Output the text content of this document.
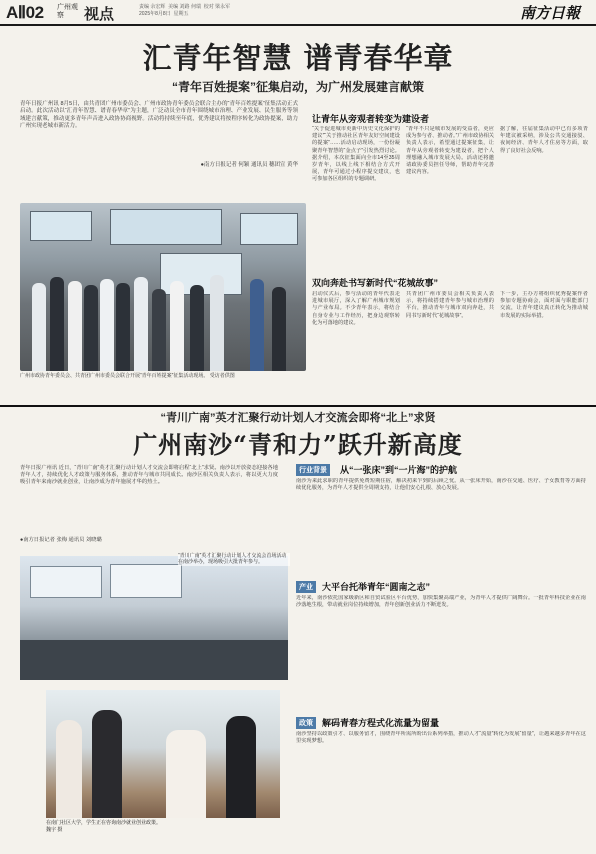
AⅡ02 广州观察	视点	责编 余宏辉  美编 刘路 何瑞  校对 梁永军
2025年8月8日  星期五	南方日報
汇青年智慧 谱青春华章
“青年百姓提案”征集启动，为广州发展建言献策
青年日报广州讯 8月5日，由共青团广州市委员会、广州市政协青年委员会联合主办的“青年百姓提案”征集活动正式启动。此次活动以“汇青年智慧、谱青春华章”为主题，广泛动员全市青年围绕城市治理、产业发展、民生服务等领域建言献策，推动更多青年声音进入政协协商视野。活动将持续至年底，优秀建议将按程序转化为政协提案，助力广州实现老城市新活力。
●南方日报记者 何颖 通讯员 穗团宣 黄华
广州市政协青年委员会、共青团广州市委员会联合开展“青年百姓提案”征集活动现场。 受访者供图
让青年从旁观者转变为建设者
“关于促进城市更新中历史文化保护的建议”“关于推动社区青年友好空间建设的提案”……活动启动现场，一份份凝聚青年智慧的“金点子”引发热烈讨论。据介绍，本次征集面向全市14至35周岁青年，以线上线下相结合方式开展，青年可通过小程序提交建议，也可参加各区组织的专题调研。
“青年不只是城市发展的受益者，更应成为参与者、推动者。”广州市政协相关负责人表示，希望通过提案征集，让青年从旁观者转变为建设者，把个人理想融入城市发展大局。活动还将邀请政协委员担任导师，帮助青年完善建议内容。
据了解，往届征集活动中已有多项青年建议被采纳，涉及公共交通接驳、夜间经济、青年人才住房等方面，取得了良好社会反响。
双向奔赴书写新时代“花城故事”
启动仪式后，参与活动的青年代表走进城市展厅，深入了解广州城市规划与产业布局。不少青年表示，将结合自身专业与工作经历，把身边观察转化为可落地的建议。
共青团广州市委员会相关负责人表示，将持续搭建青年参与城市治理的平台，推动青年与城市双向奔赴，共同书写新时代“花城故事”。
下一步，主办方将组织优秀提案作者参加专题协商会，面对面与职能部门交流，让青年建议真正转化为推动城市发展的实际举措。
“青川广南”英才汇聚行动计划人才交流会即将“北上”求贤
广州南沙“青和力”跃升新高度
青年日报广州讯 近日，“青川广南”英才汇聚行动计划人才交流会即将启程“北上”求贤。南沙以开放姿态迎接各地青年人才，持续优化人才政策与服务体系，推动青年与城市共同成长。南沙区相关负责人表示，将以更大力度吸引青年来南沙就业创业，让南沙成为青年施展才华的热土。
●南方日报记者 张梅 通讯员 刘晓璐
“青川广南”英才汇聚行动计划人才交流会首场活动在南沙举办，现场吸引大批青年参与。
在南门社区大学，学生正在咨询南沙就业创业政策。 魏宇 摄
行业背景	从“一张床”到“一片海”的护航
南沙为来此求职的青年提供免费短期住宿，解决初来乍到的后顾之忧。从一张床开始，南沙在交通、医疗、子女教育等方面持续优化服务，为青年人才提供全周期支持，让他们安心扎根、放心发展。
产业	大平台托举青年“圆南之志”
近年来，南沙依托国家级新区和自贸试验区平台优势，加快集聚高端产业，为青年人才提供广阔舞台。一批青年科技企业在南沙落地生根，带动就业岗位持续增加，青年创新创业活力不断迸发。
政策	解码青春方程式化流量为留量
南沙坚持以政策引才、以服务留才，围绕青年所需所盼出台系列举措，推动人才“流量”转化为发展“留量”，让越来越多青年在这里实现梦想。
